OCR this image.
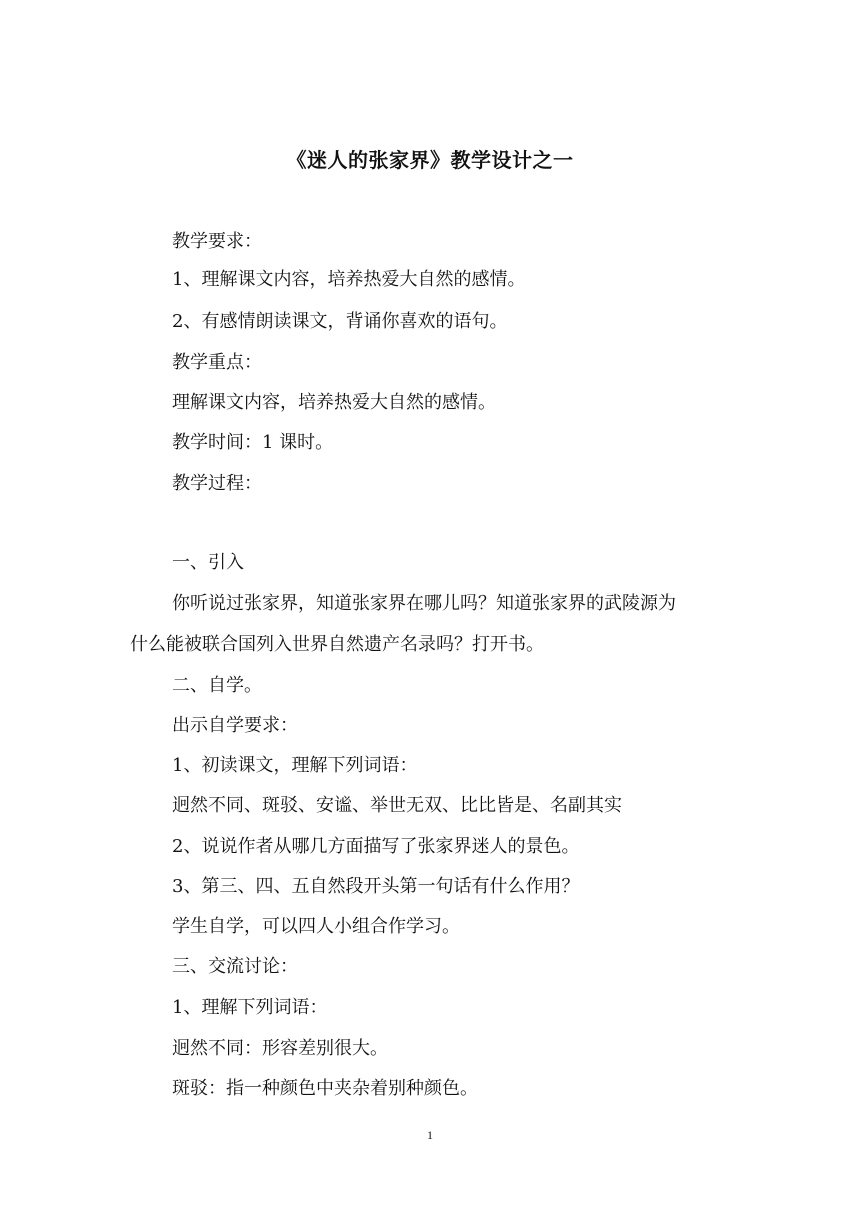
《迷人的张家界》教学设计之一
教学要求：
1、理解课文内容，培养热爱大自然的感情。
2、有感情朗读课文，背诵你喜欢的语句。
教学重点：
理解课文内容，培养热爱大自然的感情。
教学时间：1 课时。
教学过程：
一、引入
你听说过张家界，知道张家界在哪儿吗？知道张家界的武陵源为
什么能被联合国列入世界自然遗产名录吗？打开书。
二、自学。
出示自学要求：
1、初读课文，理解下列词语：
迥然不同、斑驳、安谧、举世无双、比比皆是、名副其实
2、说说作者从哪几方面描写了张家界迷人的景色。
3、第三、四、五自然段开头第一句话有什么作用？
学生自学，可以四人小组合作学习。
三、交流讨论：
1、理解下列词语：
迥然不同：形容差别很大。
斑驳：指一种颜色中夹杂着别种颜色。
1
